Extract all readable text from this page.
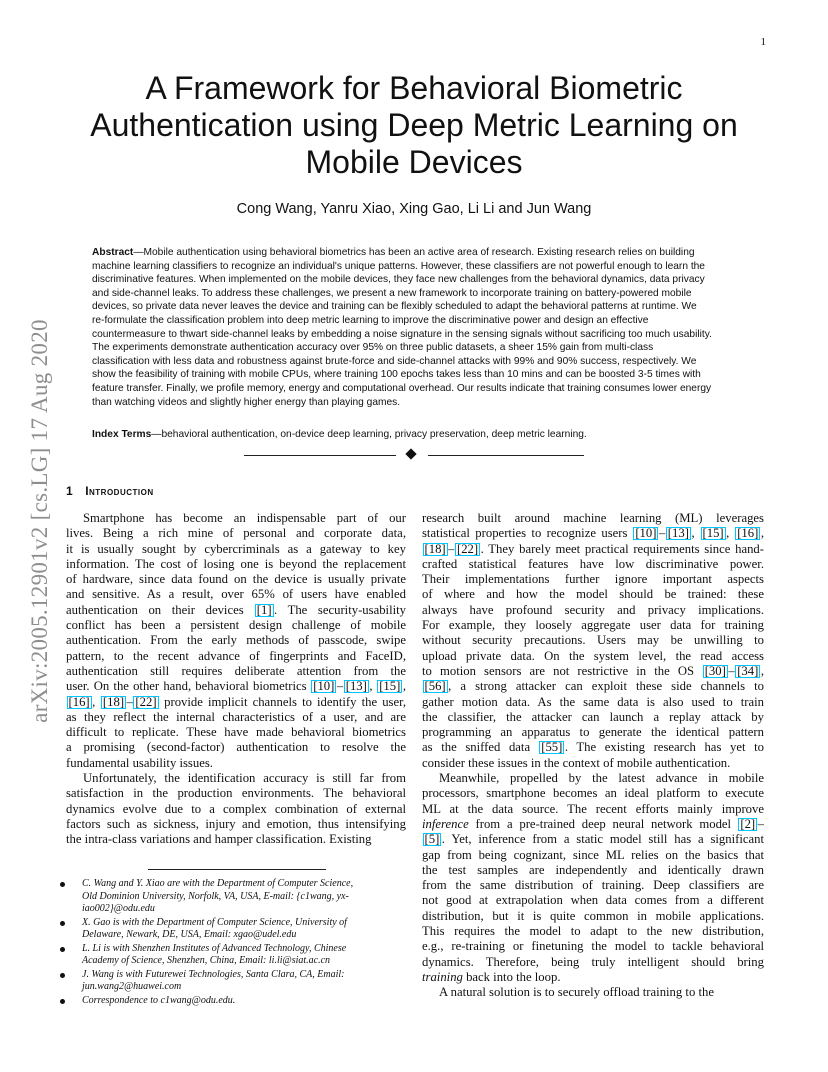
1
arXiv:2005.12901v2 [cs.LG] 17 Aug 2020
A Framework for Behavioral Biometric
Authentication using Deep Metric Learning on
Mobile Devices
Cong Wang, Yanru Xiao, Xing Gao, Li Li and Jun Wang
Abstract—Mobile authentication using behavioral biometrics has been an active area of research. Existing research relies on building
machine learning classifiers to recognize an individual's unique patterns. However, these classifiers are not powerful enough to learn the
discriminative features. When implemented on the mobile devices, they face new challenges from the behavioral dynamics, data privacy
and side-channel leaks. To address these challenges, we present a new framework to incorporate training on battery-powered mobile
devices, so private data never leaves the device and training can be flexibly scheduled to adapt the behavioral patterns at runtime. We
re-formulate the classification problem into deep metric learning to improve the discriminative power and design an effective
countermeasure to thwart side-channel leaks by embedding a noise signature in the sensing signals without sacrificing too much usability.
The experiments demonstrate authentication accuracy over 95% on three public datasets, a sheer 15% gain from multi-class
classification with less data and robustness against brute-force and side-channel attacks with 99% and 90% success, respectively. We
show the feasibility of training with mobile CPUs, where training 100 epochs takes less than 10 mins and can be boosted 3-5 times with
feature transfer. Finally, we profile memory, energy and computational overhead. Our results indicate that training consumes lower energy
than watching videos and slightly higher energy than playing games.
Index Terms—behavioral authentication, on-device deep learning, privacy preservation, deep metric learning.
1 Introduction
Smartphone has become an indispensable part of our
lives. Being a rich mine of personal and corporate data,
it is usually sought by cybercriminals as a gateway to key
information. The cost of losing one is beyond the replacement
of hardware, since data found on the device is usually private
and sensitive. As a result, over 65% of users have enabled
authentication on their devices [1] . The security-usability
conflict has been a persistent design challenge of mobile
authentication. From the early methods of passcode, swipe
pattern, to the recent advance of fingerprints and FaceID,
authentication still requires deliberate attention from the
user. On the other hand, behavioral biometrics [10] – [13] , [15] ,
[16] , [18] – [22] provide implicit channels to identify the user,
as they reflect the internal characteristics of a user, and are
difficult to replicate. These have made behavioral biometrics
a promising (second-factor) authentication to resolve the
fundamental usability issues.
Unfortunately, the identification accuracy is still far from
satisfaction in the production environments. The behavioral
dynamics evolve due to a complex combination of external
factors such as sickness, injury and emotion, thus intensifying
the intra-class variations and hamper classification. Existing
research built around machine learning (ML) leverages
statistical properties to recognize users [10] – [13] , [15] , [16] ,
[18] – [22] . They barely meet practical requirements since hand-
crafted statistical features have low discriminative power.
Their implementations further ignore important aspects
of where and how the model should be trained: these
always have profound security and privacy implications.
For example, they loosely aggregate user data for training
without security precautions. Users may be unwilling to
upload private data. On the system level, the read access
to motion sensors are not restrictive in the OS [30] – [34] ,
[56] , a strong attacker can exploit these side channels to
gather motion data. As the same data is also used to train
the classifier, the attacker can launch a replay attack by
programming an apparatus to generate the identical pattern
as the sniffed data [55] . The existing research has yet to
consider these issues in the context of mobile authentication.
Meanwhile, propelled by the latest advance in mobile
processors, smartphone becomes an ideal platform to execute
ML at the data source. The recent efforts mainly improve
inference from a pre-trained deep neural network model [2] –
[5] . Yet, inference from a static model still has a significant
gap from being cognizant, since ML relies on the basics that
the test samples are independently and identically drawn
from the same distribution of training. Deep classifiers are
not good at extrapolation when data comes from a different
distribution, but it is quite common in mobile applications.
This requires the model to adapt to the new distribution,
e.g., re-training or finetuning the model to tackle behavioral
dynamics. Therefore, being truly intelligent should bring
training back into the loop.
A natural solution is to securely offload training to the
C. Wang and Y. Xiao are with the Department of Computer Science,
Old Dominion University, Norfolk, VA, USA, E-mail: {c1wang, yx-
iao002}@odu.edu
X. Gao is with the Department of Computer Science, University of
Delaware, Newark, DE, USA, Email: xgao@udel.edu
L. Li is with Shenzhen Institutes of Advanced Technology, Chinese
Academy of Science, Shenzhen, China, Email: li.li@siat.ac.cn
J. Wang is with Futurewei Technologies, Santa Clara, CA, Email:
jun.wang2@huawei.com
Correspondence to c1wang@odu.edu.
